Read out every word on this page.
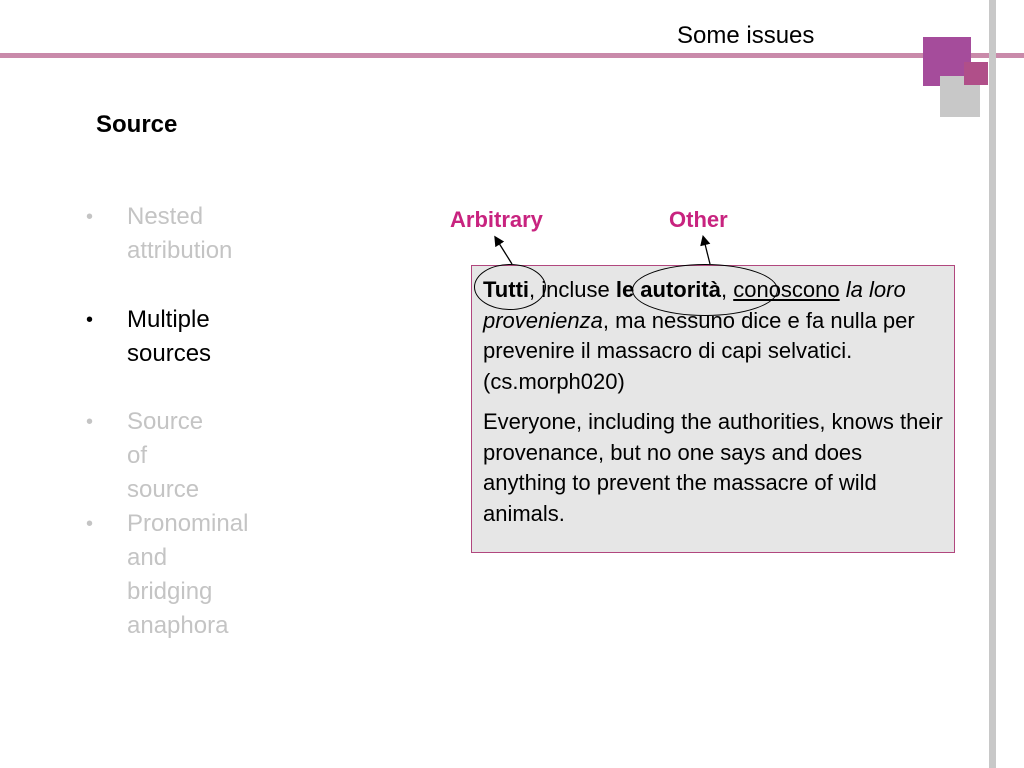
Some issues
Source
• Nested attribution
• Multiple sources
• Source of source
• Pronominal and
bridging anaphora
Arbitrary	Other

Tutti, incluse le autorità, conoscono la loro provenienza, ma nessuno dice e fa nulla per prevenire il massacro di capi selvatici. (cs.morph020)

Everyone, including the authorities, knows their provenance, but no one says and does anything to prevent the massacre of wild animals.
